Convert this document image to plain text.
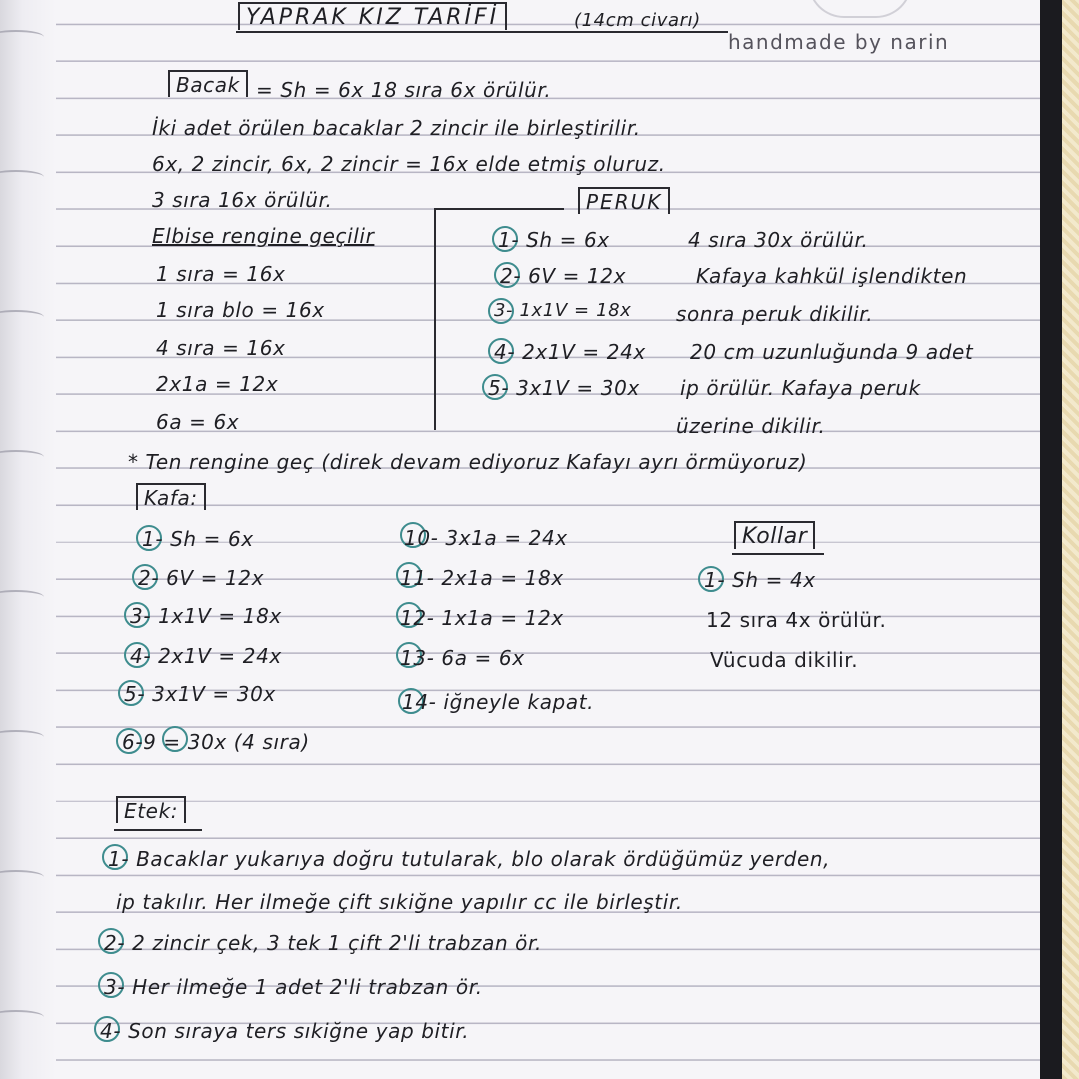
YAPRAK KIZ TARİFİ	(14cm civarı)
handmade by narin
Bacak = Sh = 6x 18 sıra 6x örülür.
İki adet örülen bacaklar 2 zincir ile birleştirilir.
6x, 2 zincir, 6x, 2 zincir = 16x elde etmiş oluruz.
3 sıra 16x örülür.
Elbise rengine geçilir
1 sıra = 16x
1 sıra blo = 16x
4 sıra = 16x
2x1a = 12x
6a = 6x
PERUK
1- Sh = 6x
2- 6V = 12x
3- 1x1V = 18x
4- 2x1V = 24x
5- 3x1V = 30x
4 sıra 30x örülür.
Kafaya kahkül işlendikten
sonra peruk dikilir.
20 cm uzunluğunda 9 adet
ip örülür. Kafaya peruk
üzerine dikilir.
* Ten rengine geç (direk devam ediyoruz Kafayı ayrı örmüyoruz)
Kafa:
1- Sh = 6x
2- 6V = 12x
3- 1x1V = 18x
4- 2x1V = 24x
5- 3x1V = 30x
6-9 = 30x (4 sıra)
10- 3x1a = 24x
11- 2x1a = 18x
12- 1x1a = 12x
13- 6a = 6x
14- iğneyle kapat.
Kollar
1- Sh = 4x
12 sıra 4x örülür.
Vücuda dikilir.
Etek:
1- Bacaklar yukarıya doğru tutularak, blo olarak ördüğümüz yerden,
ip takılır. Her ilmeğe çift sıkiğne yapılır cc ile birleştir.
2- 2 zincir çek, 3 tek 1 çift 2'li trabzan ör.
3- Her ilmeğe 1 adet 2'li trabzan ör.
4- Son sıraya ters sıkiğne yap bitir.
